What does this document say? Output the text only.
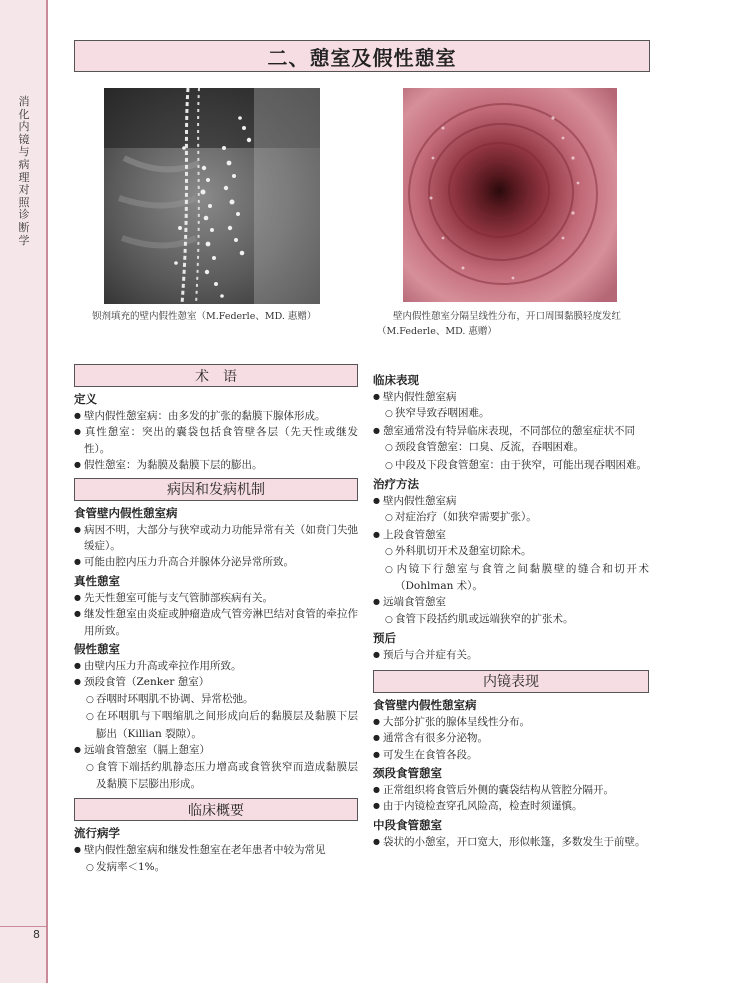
消化内镜与病理对照诊断学
8
二、憩室及假性憩室
钡剂填充的壁内假性憩室（M.Federle、MD. 惠赠）	壁内假性憩室分隔呈线性分布，开口周围黏膜轻度发红
（M.Federle、MD. 惠赠）
术　语
定义

● 壁内假性憩室病：由多发的扩张的黏膜下腺体形成。

● 真性憩室：突出的囊袋包括食管壁各层（先天性或继发性）。

● 假性憩室：为黏膜及黏膜下层的膨出。

病因和发病机制
食管壁内假性憩室病

● 病因不明，大部分与狭窄或动力功能异常有关（如贲门失弛缓症）。

● 可能由腔内压力升高合并腺体分泌异常所致。

真性憩室

● 先天性憩室可能与支气管肺部疾病有关。

● 继发性憩室由炎症或肿瘤造成气管旁淋巴结对食管的牵拉作用所致。

假性憩室

● 由壁内压力升高或牵拉作用所致。

● 颈段食管（Zenker 憩室）

○ 吞咽时环咽肌不协调、异常松弛。

○ 在环咽肌与下咽缩肌之间形成向后的黏膜层及黏膜下层膨出（Killian 裂隙）。

● 远端食管憩室（膈上憩室）

○ 食管下端括约肌静态压力增高或食管狭窄而造成黏膜层及黏膜下层膨出形成。

临床概要
流行病学

● 壁内假性憩室病和继发性憩室在老年患者中较为常见

○ 发病率＜1%。

临床表现

● 壁内假性憩室病

○ 狭窄导致吞咽困难。

● 憩室通常没有特异临床表现，不同部位的憩室症状不同

○ 颈段食管憩室：口臭、反流，吞咽困难。

○ 中段及下段食管憩室：由于狭窄，可能出现吞咽困难。

治疗方法

● 壁内假性憩室病

○ 对症治疗（如狭窄需要扩张）。

● 上段食管憩室

○ 外科肌切开术及憩室切除术。

○ 内镜下行憩室与食管之间黏膜壁的缝合和切开术（Dohlman 术）。

● 远端食管憩室

○ 食管下段括约肌或远端狭窄的扩张术。

预后

● 预后与合并症有关。

内镜表现
食管壁内假性憩室病

● 大部分扩张的腺体呈线性分布。

● 通常含有很多分泌物。

● 可发生在食管各段。

颈段食管憩室

● 正常组织将食管后外侧的囊袋结构从管腔分隔开。

● 由于内镜检查穿孔风险高，检查时须谨慎。

中段食管憩室

● 袋状的小憩室，开口宽大，形似帐篷，多数发生于前壁。
